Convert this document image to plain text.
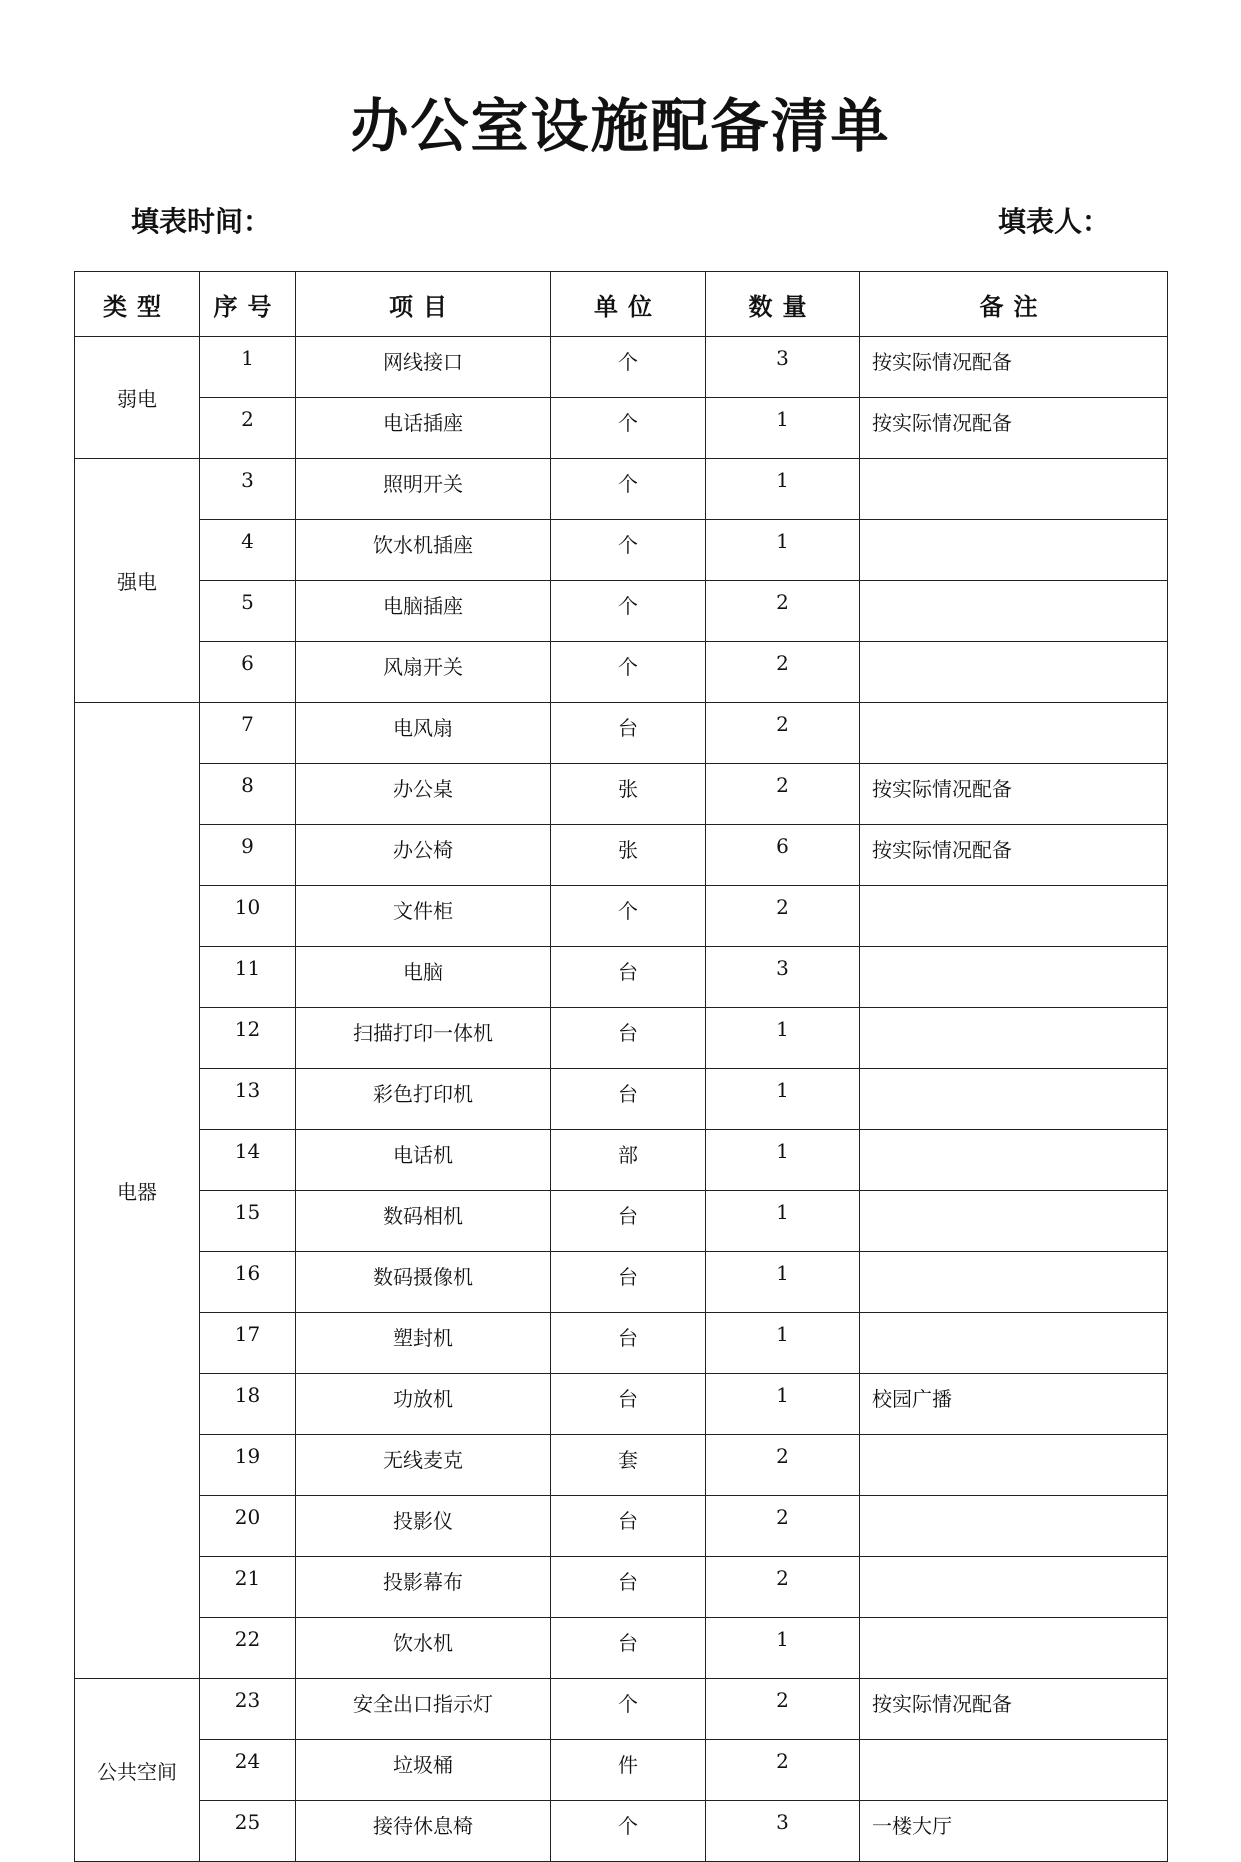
办公室设施配备清单
填表时间：	填表人：
类型	序号	项目	单位	数量	备注
弱电	1	网线接口	个	3	按实际情况配备
	2	电话插座	个	1	按实际情况配备
强电	3	照明开关	个	1	
	4	饮水机插座	个	1	
	5	电脑插座	个	2	
	6	风扇开关	个	2	
电器	7	电风扇	台	2	
	8	办公桌	张	2	按实际情况配备
	9	办公椅	张	6	按实际情况配备
	10	文件柜	个	2	
	11	电脑	台	3	
	12	扫描打印一体机	台	1	
	13	彩色打印机	台	1	
	14	电话机	部	1	
	15	数码相机	台	1	
	16	数码摄像机	台	1	
	17	塑封机	台	1	
	18	功放机	台	1	校园广播
	19	无线麦克	套	2	
	20	投影仪	台	2	
	21	投影幕布	台	2	
	22	饮水机	台	1	
公共空间	23	安全出口指示灯	个	2	按实际情况配备
	24	垃圾桶	件	2	
	25	接待休息椅	个	3	一楼大厅
